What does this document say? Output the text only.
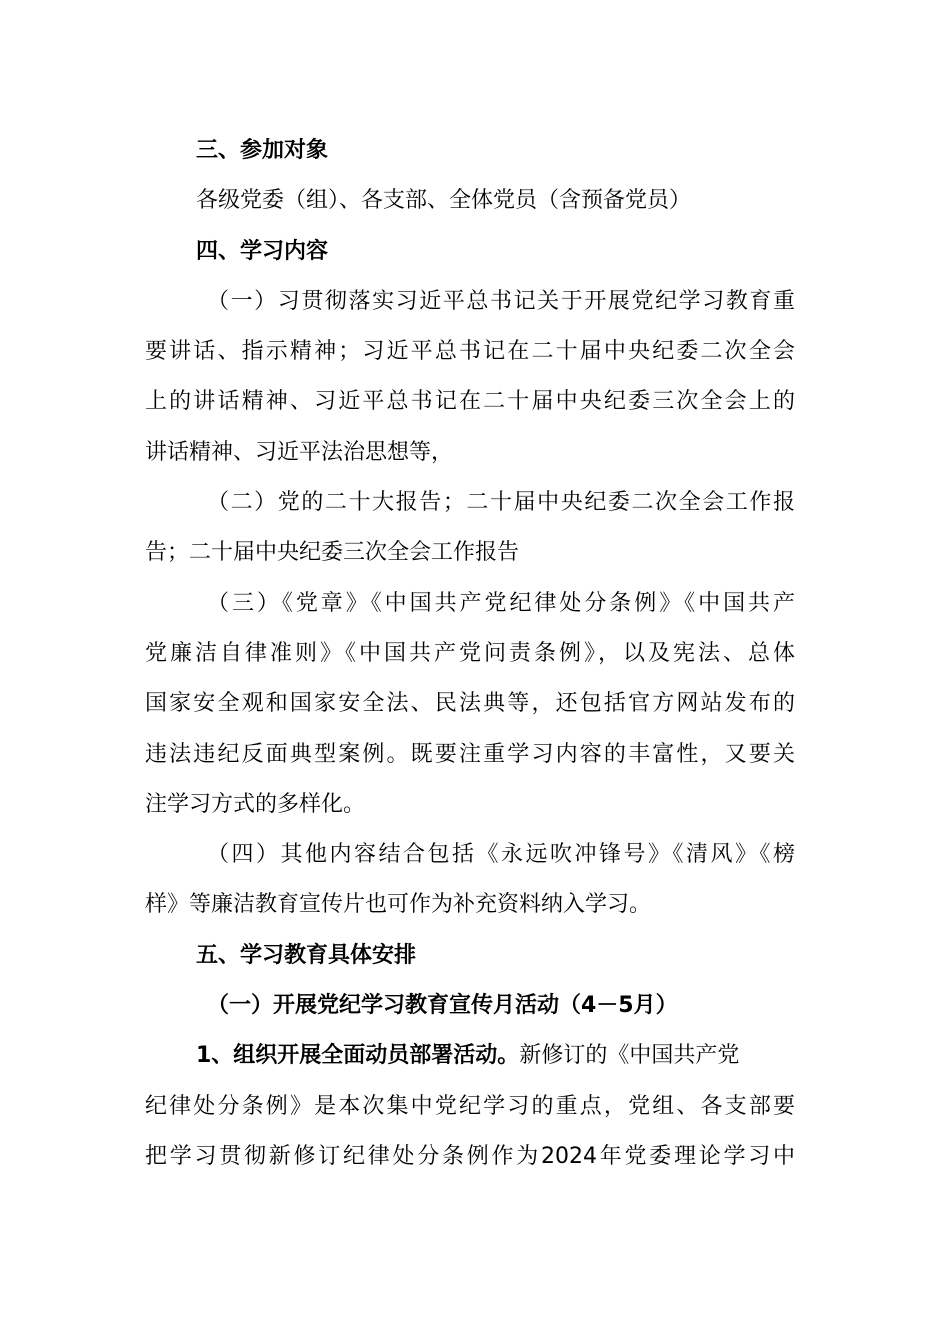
三、参加对象
各级党委（组）、各支部、全体党员（含预备党员）
四、学习内容
（一）习贯彻落实习近平总书记关于开展党纪学习教育重
要讲话、指示精神；习近平总书记在二十届中央纪委二次全会
上的讲话精神、习近平总书记在二十届中央纪委三次全会上的
讲话精神、习近平法治思想等，
（二）党的二十大报告；二十届中央纪委二次全会工作报
告；二十届中央纪委三次全会工作报告
（三）《党章》《中国共产党纪律处分条例》《中国共产
党廉洁自律准则》《中国共产党问责条例》，以及宪法、总体
国家安全观和国家安全法、民法典等，还包括官方网站发布的
违法违纪反面典型案例。既要注重学习内容的丰富性，又要关
注学习方式的多样化。
（四）其他内容结合包括《永远吹冲锋号》《清风》《榜
样》等廉洁教育宣传片也可作为补充资料纳入学习。
五、学习教育具体安排
（一）开展党纪学习教育宣传月活动（4－5月）
1、组织开展全面动员部署活动。新修订的《中国共产党
纪律处分条例》是本次集中党纪学习的重点，党组、各支部要
把学习贯彻新修订纪律处分条例作为2024年党委理论学习中
